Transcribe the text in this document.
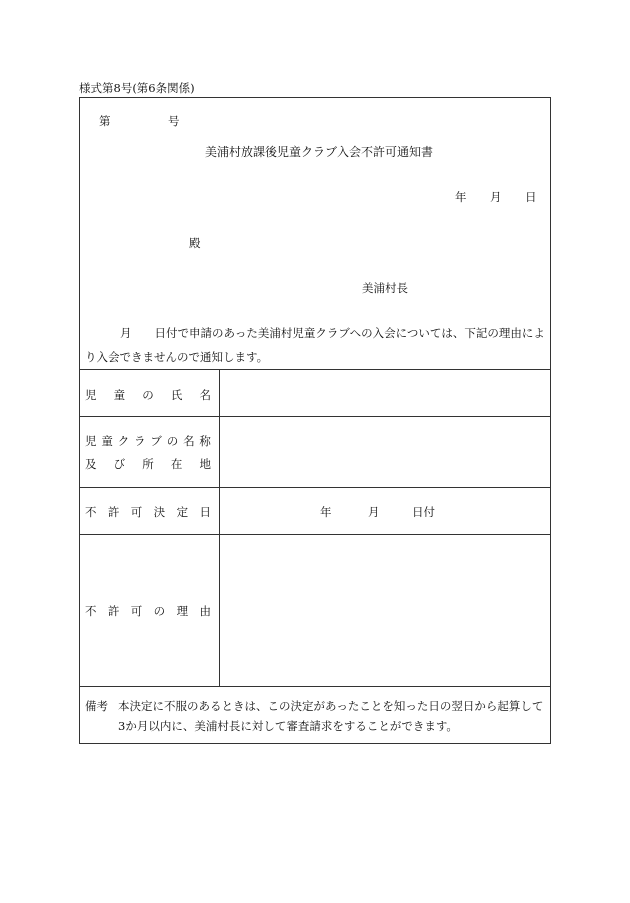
様式第8号(第6条関係)
第	号
美浦村放課後児童クラブ入会不許可通知書
年 月 日
殿
美浦村長
月　　日付で申請のあった美浦村児童クラブへの入会については、下記の理由によ
り入会できませんので通知します。
児 童 の 氏 名
児 童 ク ラ ブ の 名 称
及 び 所 在 地
不 許 可 決 定 日	年	月	日付
不 許 可 の 理 由
備考 本決定に不服のあるときは、この決定があったことを知った日の翌日から起算して
3か月以内に、美浦村長に対して審査請求をすることができます。
